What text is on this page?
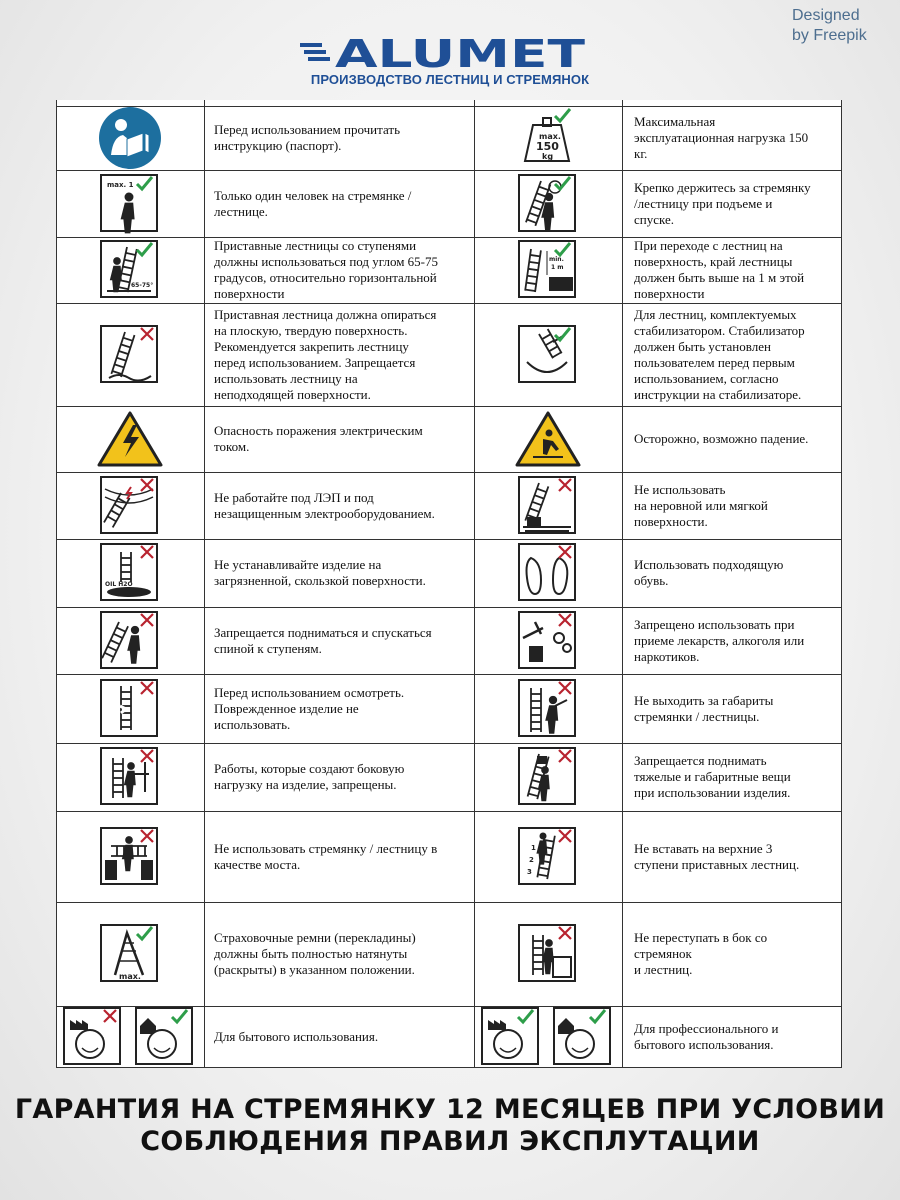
Designed
by Freepik
ALUMET
ПРОИЗВОДСТВО ЛЕСТНИЦ И СТРЕМЯНОК
Перед использованием прочитать
инструкцию (паспорт).
max. 1
Только один человек на стремянке /
лестнице.
65-75°
Приставные лестницы со ступенями
должны использоваться под углом 65-75
градусов, относительно горизонтальной
поверхности
Приставная лестница должна опираться
на плоскую, твердую поверхность.
Рекомендуется закрепить лестницу
перед использованием. Запрещается
использовать лестницу на
неподходящей поверхности.
Опасность поражения электрическим
током.
Не работайте под ЛЭП и под
незащищенным электрооборудованием.
OIL H2O
Не устанавливайте изделие на
загрязненной, скользкой поверхности.
Запрещается подниматься и спускаться
спиной к ступеням.
Перед использованием осмотреть.
Поврежденное изделие не
использовать.
Работы, которые создают боковую
нагрузку на изделие, запрещены.
Не использовать стремянку / лестницу в
качестве моста.
max.
Страховочные ремни (перекладины)
должны быть полностью натянуты
(раскрыты) в указанном положении.
Для бытового использования.
max.
150
kg
Максимальная
эксплуатационная нагрузка 150
кг.
Крепко держитесь за стремянку
/лестницу при подъеме и
спуске.
min.
1 m
При переходе с лестниц на
поверхность, край лестницы
должен быть выше на 1 м этой
поверхности
Для лестниц, комплектуемых
стабилизатором. Стабилизатор
должен быть установлен
пользователем перед первым
использованием, согласно
инструкции на стабилизаторе.
Осторожно, возможно падение.
Не использовать
на неровной или мягкой
поверхности.
Использовать подходящую
обувь.
Запрещено использовать при
приеме лекарств, алкоголя или
наркотиков.
Не выходить за габариты
стремянки / лестницы.
Запрещается поднимать
тяжелые и габаритные вещи
при использовании изделия.
1
2
3
Не вставать на верхние 3
ступени приставных лестниц.
Не переступать в бок со
стремянок
и лестниц.
Для профессионального и
бытового использования.
ГАРАНТИЯ НА СТРЕМЯНКУ 12 МЕСЯЦЕВ ПРИ УСЛОВИИ
СОБЛЮДЕНИЯ ПРАВИЛ ЭКСПЛУТАЦИИ
